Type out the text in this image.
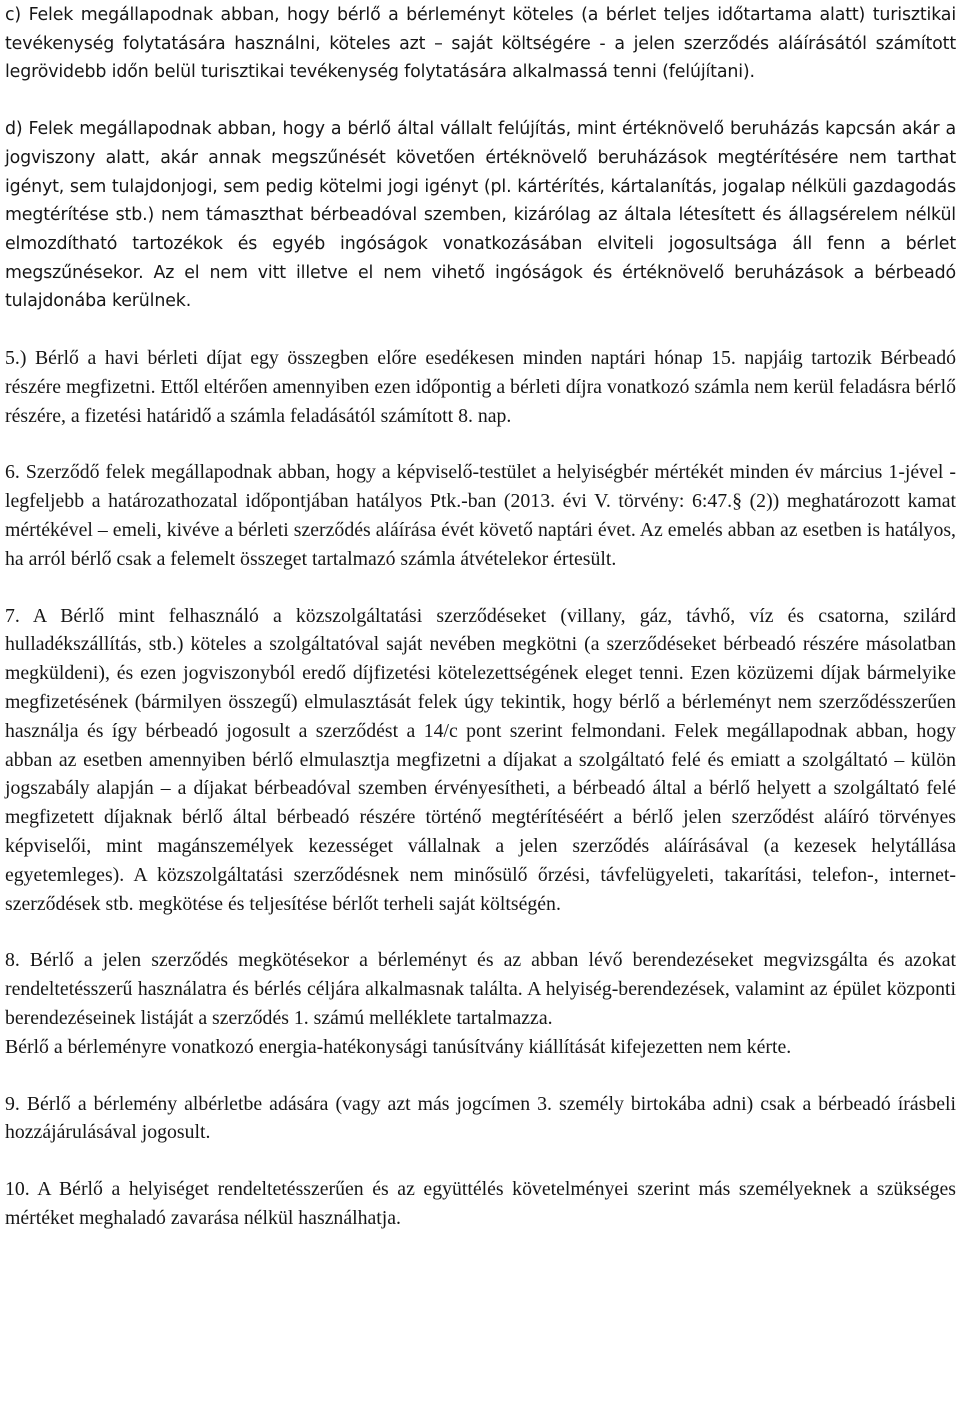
c) Felek megállapodnak abban, hogy bérlő a bérleményt köteles (a bérlet teljes időtartama alatt) turisztikai tevékenység folytatására használni, köteles azt – saját költségére - a jelen szerződés aláírásától számított legrövidebb időn belül turisztikai tevékenység folytatására alkalmassá tenni (felújítani).

d) Felek megállapodnak abban, hogy a bérlő által vállalt felújítás, mint értéknövelő beruházás kapcsán akár a jogviszony alatt, akár annak megszűnését követően értéknövelő beruházások megtérítésére nem tarthat igényt, sem tulajdonjogi, sem pedig kötelmi jogi igényt (pl. kártérítés, kártalanítás, jogalap nélküli gazdagodás megtérítése stb.) nem támaszthat bérbeadóval szemben, kizárólag az általa létesített és állagsérelem nélkül elmozdítható tartozékok és egyéb ingóságok vonatkozásában elviteli jogosultsága áll fenn a bérlet megszűnésekor. Az el nem vitt illetve el nem vihető ingóságok és értéknövelő beruházások a bérbeadó tulajdonába kerülnek.

5.) Bérlő a havi bérleti díjat egy összegben előre esedékesen minden naptári hónap 15. napjáig tartozik Bérbeadó részére megfizetni. Ettől eltérően amennyiben ezen időpontig a bérleti díjra vonatkozó számla nem kerül feladásra bérlő részére, a fizetési határidő a számla feladásától számított 8. nap.

6. Szerződő felek megállapodnak abban, hogy a képviselő-testület a helyiségbér mértékét minden év március 1-jével - legfeljebb a határozathozatal időpontjában hatályos Ptk.-ban (2013. évi V. törvény: 6:47.§ (2)) meghatározott kamat mértékével – emeli, kivéve a bérleti szerződés aláírása évét követő naptári évet. Az emelés abban az esetben is hatályos, ha arról bérlő csak a felemelt összeget tartalmazó számla átvételekor értesült.

7. A Bérlő mint felhasználó a közszolgáltatási szerződéseket (villany, gáz, távhő, víz és csatorna, szilárd hulladékszállítás, stb.) köteles a szolgáltatóval saját nevében megkötni (a szerződéseket bérbeadó részére másolatban megküldeni), és ezen jogviszonyból eredő díjfizetési kötelezettségének eleget tenni. Ezen közüzemi díjak bármelyike megfizetésének (bármilyen összegű) elmulasztását felek úgy tekintik, hogy bérlő a bérleményt nem szerződésszerűen használja és így bérbeadó jogosult a szerződést a 14/c pont szerint felmondani. Felek megállapodnak abban, hogy abban az esetben amennyiben bérlő elmulasztja megfizetni a díjakat a szolgáltató felé és emiatt a szolgáltató – külön jogszabály alapján – a díjakat bérbeadóval szemben érvényesítheti, a bérbeadó által a bérlő helyett a szolgáltató felé megfizetett díjaknak bérlő által bérbeadó részére történő megtérítéséért a bérlő jelen szerződést aláíró törvényes képviselői, mint magánszemélyek kezességet vállalnak a jelen szerződés aláírásával (a kezesek helytállása egyetemleges). A közszolgáltatási szerződésnek nem minősülő őrzési, távfelügyeleti, takarítási, telefon-, internet-szerződések stb. megkötése és teljesítése bérlőt terheli saját költségén.

8. Bérlő a jelen szerződés megkötésekor a bérleményt és az abban lévő berendezéseket megvizsgálta és azokat rendeltetésszerű használatra és bérlés céljára alkalmasnak találta. A helyiség-berendezések, valamint az épület központi berendezéseinek listáját a szerződés 1. számú melléklete tartalmazza.

Bérlő a bérleményre vonatkozó energia-hatékonysági tanúsítvány kiállítását kifejezetten nem kérte.

9. Bérlő a bérlemény albérletbe adására (vagy azt más jogcímen 3. személy birtokába adni) csak a bérbeadó írásbeli hozzájárulásával jogosult.

10. A Bérlő a helyiséget rendeltetésszerűen és az együttélés követelményei szerint más személyeknek a szükséges mértéket meghaladó zavarása nélkül használhatja.
